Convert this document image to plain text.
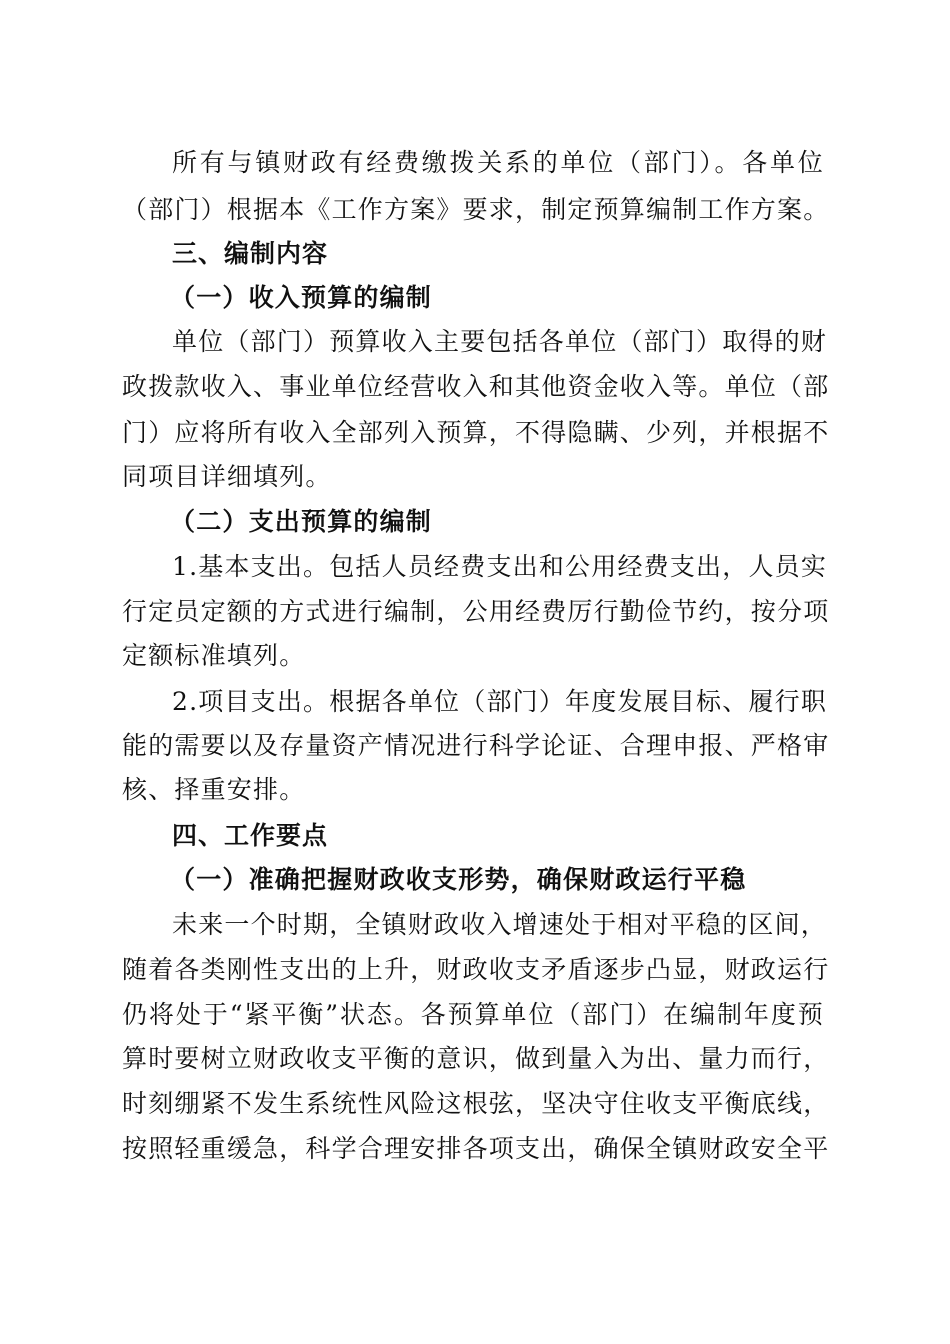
所有与镇财政有经费缴拨关系的单位（部门）。各单位
（部门）根据本《工作方案》要求，制定预算编制工作方案。
三、编制内容
（一）收入预算的编制
单位（部门）预算收入主要包括各单位（部门）取得的财
政拨款收入、事业单位经营收入和其他资金收入等。单位（部
门）应将所有收入全部列入预算，不得隐瞒、少列，并根据不
同项目详细填列。
（二）支出预算的编制
1.基本支出。包括人员经费支出和公用经费支出，人员实
行定员定额的方式进行编制，公用经费厉行勤俭节约，按分项
定额标准填列。
2.项目支出。根据各单位（部门）年度发展目标、履行职
能的需要以及存量资产情况进行科学论证、合理申报、严格审
核、择重安排。
四、工作要点
（一）准确把握财政收支形势，确保财政运行平稳
未来一个时期，全镇财政收入增速处于相对平稳的区间，
随着各类刚性支出的上升，财政收支矛盾逐步凸显，财政运行
仍将处于“紧平衡”状态。各预算单位（部门）在编制年度预
算时要树立财政收支平衡的意识，做到量入为出、量力而行，
时刻绷紧不发生系统性风险这根弦，坚决守住收支平衡底线，
按照轻重缓急，科学合理安排各项支出，确保全镇财政安全平
